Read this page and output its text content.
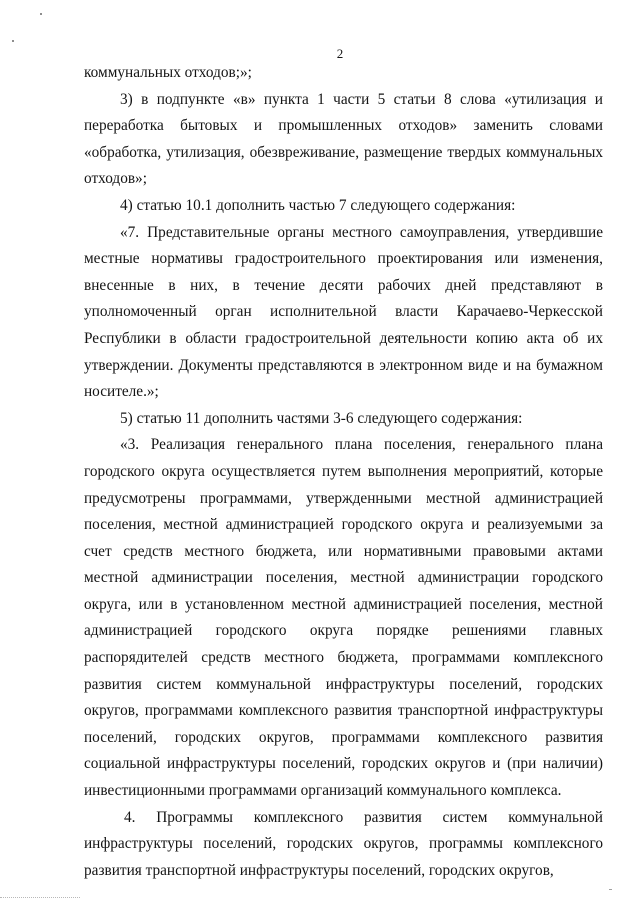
2

коммунальных отходов;»;

3) в подпункте «в» пункта 1 части 5 статьи 8 слова «утилизация и переработка бытовых и промышленных отходов» заменить словами «обработка, утилизация, обезвреживание, размещение твердых коммунальных отходов»;

4) статью 10.1 дополнить частью 7 следующего содержания:

«7. Представительные органы местного самоуправления, утвердившие местные нормативы градостроительного проектирования или изменения, внесенные в них, в течение десяти рабочих дней представляют в уполномоченный орган исполнительной власти Карачаево-Черкесской Республики в области градостроительной деятельности копию акта об их утверждении. Документы представляются в электронном виде и на бумажном носителе.»;

5) статью 11 дополнить частями 3-6 следующего содержания:

«3. Реализация генерального плана поселения, генерального плана городского округа осуществляется путем выполнения мероприятий, которые предусмотрены программами, утвержденными местной администрацией поселения, местной администрацией городского округа и реализуемыми за счет средств местного бюджета, или нормативными правовыми актами местной администрации поселения, местной администрации городского округа, или в установленном местной администрацией поселения, местной администрацией городского округа порядке решениями главных распорядителей средств местного бюджета, программами комплексного развития систем коммунальной инфраструктуры поселений, городских округов, программами комплексного развития транспортной инфраструктуры поселений, городских округов, программами комплексного развития социальной инфраструктуры поселений, городских округов и (при наличии) инвестиционными программами организаций коммунального комплекса.

4. Программы комплексного развития систем коммунальной инфраструктуры поселений, городских округов, программы комплексного развития транспортной инфраструктуры поселений, городских округов,
